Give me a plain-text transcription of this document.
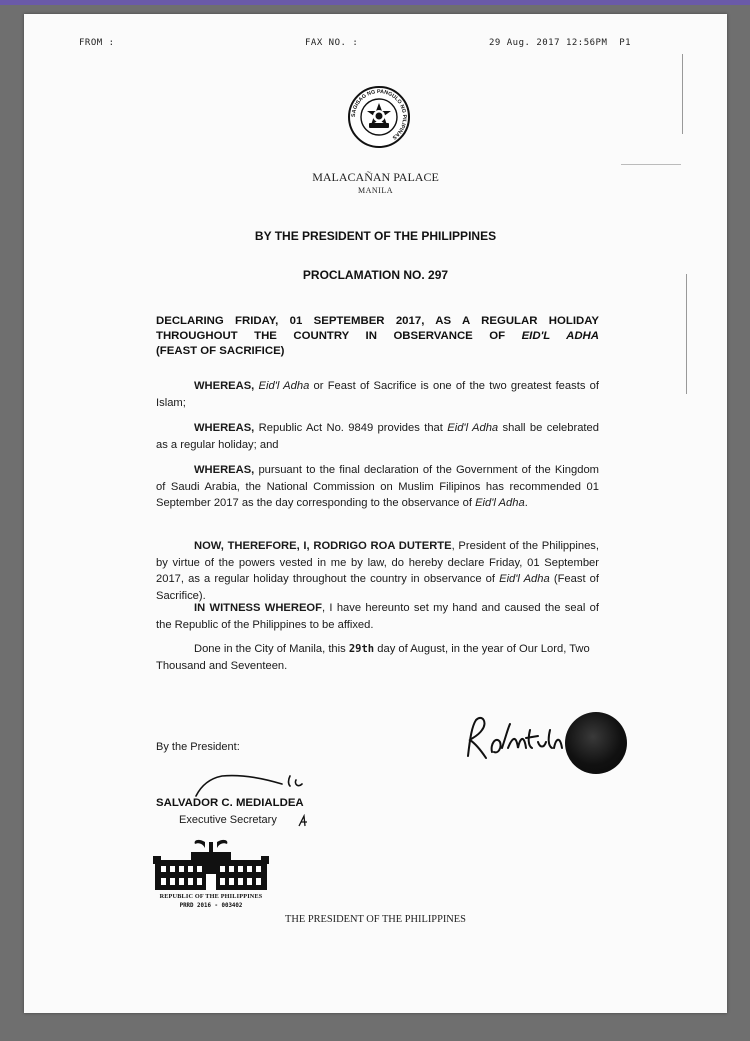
FROM :	FAX NO. :	29 Aug. 2017 12:56PM P1
SAGISAG NG PANGULO NG PILIPINAS
MALACAÑAN PALACE
MANILA
BY THE PRESIDENT OF THE PHILIPPINES
PROCLAMATION NO. 297
DECLARING FRIDAY, 01 SEPTEMBER 2017, AS A REGULAR HOLIDAY
THROUGHOUT THE COUNTRY IN OBSERVANCE OF EID'L ADHA
(FEAST OF SACRIFICE)
WHEREAS, Eid'l Adha or Feast of Sacrifice is one of the two greatest feasts of Islam;
WHEREAS, Republic Act No. 9849 provides that Eid'l Adha shall be celebrated as a regular holiday; and
WHEREAS, pursuant to the final declaration of the Government of the Kingdom of Saudi Arabia, the National Commission on Muslim Filipinos has recommended 01 September 2017 as the day corresponding to the observance of Eid'l Adha.
NOW, THEREFORE, I, RODRIGO ROA DUTERTE, President of the Philippines, by virtue of the powers vested in me by law, do hereby declare Friday, 01 September 2017, as a regular holiday throughout the country in observance of Eid'l Adha (Feast of Sacrifice).
IN WITNESS WHEREOF, I have hereunto set my hand and caused the seal of the Republic of the Philippines to be affixed.
Done in the City of Manila, this 29th day of August, in the year of Our Lord, Two Thousand and Seventeen.
By the President:
SALVADOR C. MEDIALDEA
Executive Secretary
REPUBLIC OF THE PHILIPPINES
PRRD 2016 - 003402
THE PRESIDENT OF THE PHILIPPINES
